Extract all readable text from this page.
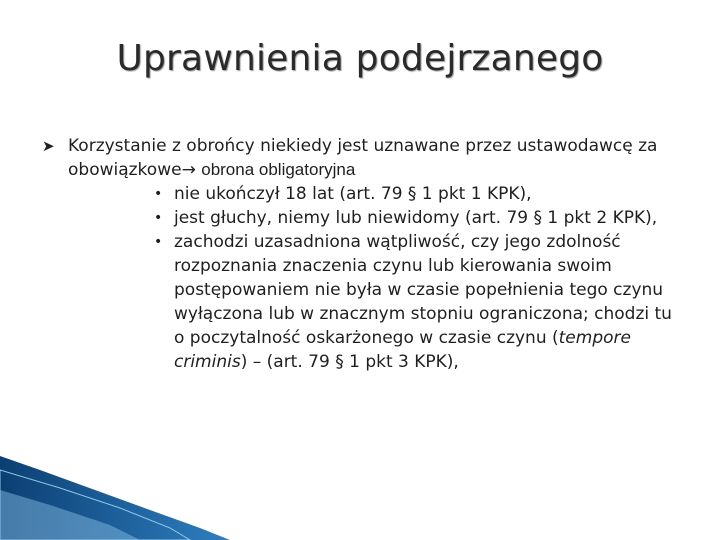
Uprawnienia podejrzanego
➤ Korzystanie z obrońcy niekiedy jest uznawane przez ustawodawcę za obowiązkowe→ obrona obligatoryjna
• nie ukończył 18 lat (art. 79 § 1 pkt 1 KPK),
• jest głuchy, niemy lub niewidomy (art. 79 § 1 pkt 2 KPK),
• zachodzi uzasadniona wątpliwość, czy jego zdolność rozpoznania znaczenia czynu lub kierowania swoim postępowaniem nie była w czasie popełnienia tego czynu wyłączona lub w znacznym stopniu ograniczona; chodzi tu o poczytalność oskarżonego w czasie czynu (tempore criminis) – (art. 79 § 1 pkt 3 KPK),
